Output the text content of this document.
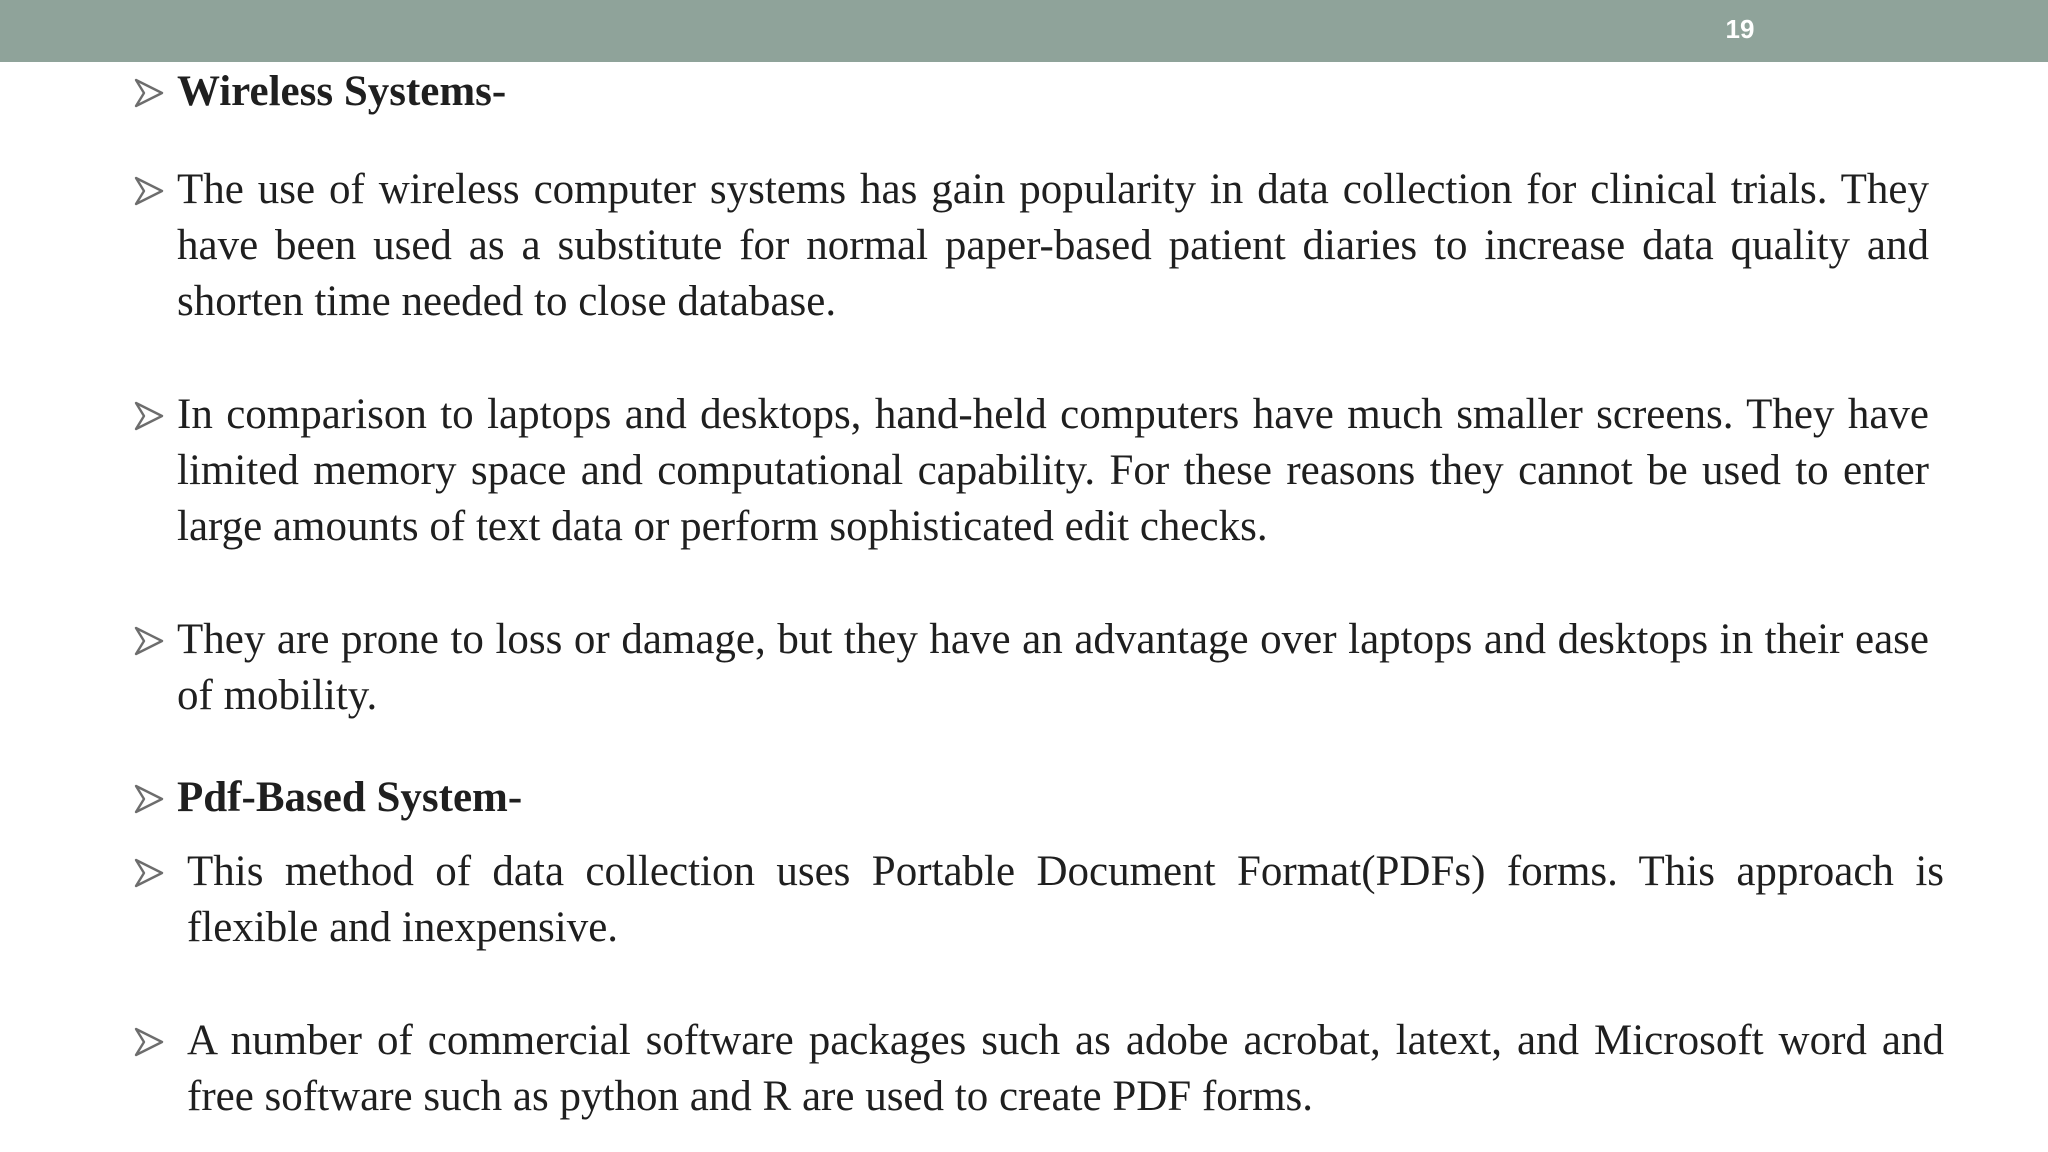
19
Wireless Systems-
The use of wireless computer systems has gain popularity in data collection for clinical trials. They have been used as a substitute for normal paper-based patient diaries to increase data quality and shorten time needed to close database.
In comparison to laptops and desktops, hand-held computers have much smaller screens. They have limited memory space and computational capability. For these reasons they cannot be used to enter large amounts of text data or perform sophisticated edit checks.
They are prone to loss or damage, but they have an advantage over laptops and desktops in their ease of mobility.
Pdf-Based System-
This method of data collection uses Portable Document Format(PDFs) forms. This approach is flexible and inexpensive.
A number of commercial software packages such as adobe acrobat, latext, and Microsoft word and free software such as python and R are used to create PDF forms.
